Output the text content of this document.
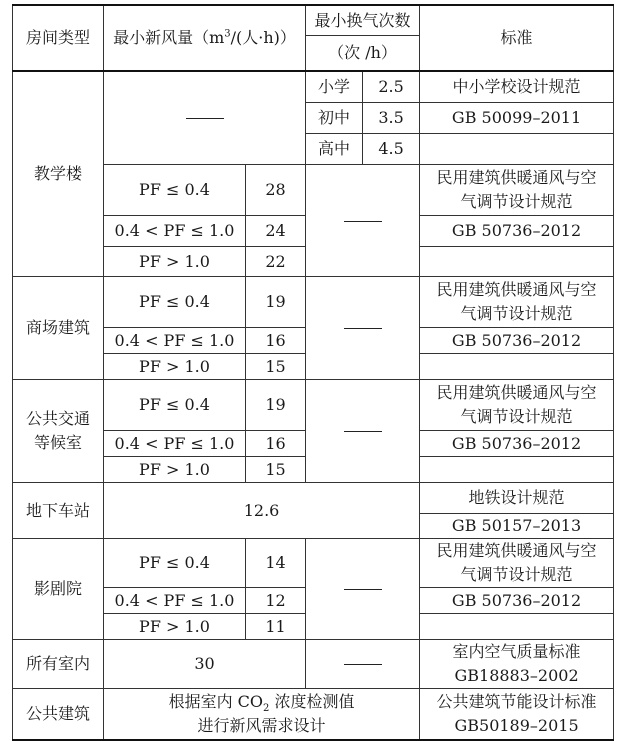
房间类型	最小新风量（$m^3/$(人·h)）		最小换气次数		标准
			（次 /h）		
教学楼			小学	2.5	中小学校设计规范
			初中	3.5	GB 50099–2011
			高中	4.5	
	PF ≤ 0.4	28			民用建筑供暖通风与空
气调节设计规范
	0.4 < PF ≤ 1.0	24			GB 50736–2012
	PF > 1.0	22			
商场建筑	PF ≤ 0.4	19			民用建筑供暖通风与空
气调节设计规范
	0.4 < PF ≤ 1.0	16			GB 50736–2012
	PF > 1.0	15			
公共交通
等候室	PF ≤ 0.4	19			民用建筑供暖通风与空
气调节设计规范
	0.4 < PF ≤ 1.0	16			GB 50736–2012
	PF > 1.0	15			
地下车站	12.6				地铁设计规范
					GB 50157–2013
影剧院	PF ≤ 0.4	14			民用建筑供暖通风与空
气调节设计规范
	0.4 < PF ≤ 1.0	12			GB 50736–2012
	PF > 1.0	11			
所有室内	30				室内空气质量标准
GB18883–2002
公共建筑	根据室内 $CO_2$ 浓度检测值
进行新风需求设计				公共建筑节能设计标准
GB50189–2015
